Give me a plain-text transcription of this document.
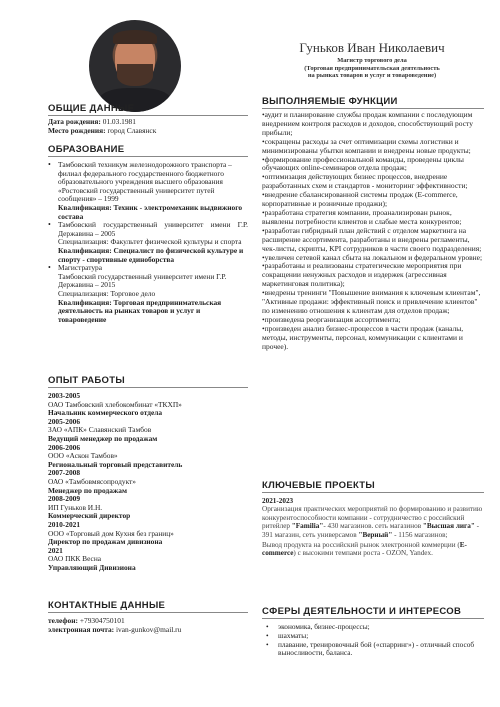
Гуньков Иван Николаевич
Магистр торгового дела
(Торговая предпринимательская деятельность
на рынках товаров и услуг и товароведение)
ОБЩИЕ ДАННЫЕ
Дата рождения: 01.03.1981
Место рождения: город Славянск
ОБРАЗОВАНИЕ
• Тамбовский техникум железнодорожного транспорта – филиал федерального государственного бюджетного образовательного учреждения высшего образования «Ростовский государственный университет путей сообщения» – 1999
Квалификация: Техник - электромеханик выдвижного состава
• Тамбовский государственный университет имени Г.Р. Державина – 2005
Специализация: Факультет физической культуры и спорта
Квалификация: Специалист по физической культуре и спорту - спортивные единоборства
• Магистратура
Тамбовский государственный университет имени Г.Р. Державина – 2015
Специализация: Торговое дело
Квалификация: Торговая предпринимательская деятельность на рынках товаров и услуг и товароведение
ОПЫТ РАБОТЫ
2003-2005
ОАО Тамбовский хлебокомбинат «ТКХП»
Начальник коммерческого отдела
2005-2006
ЗАО «АПК» Славянский Тамбов
Ведущий менеджер по продажам
2006-2006
ООО «Аскон Тамбов»
Региональный торговый представитель
2007-2008
ОАО «Тамбовмясопродукт»
Менеджер по продажам
2008-2009
ИП Гуньков И.Н.
Коммерческий директор
2010-2021
ООО «Торговый дом Кухня без границ»
Директор по продажам дивизиона
2021
ОАО ПКК Весна
Управляющий Дивизиона
КОНТАКТНЫЕ ДАННЫЕ
телефон: +79304750101
электронная почта: ivan-gunkov@mail.ru
ВЫПОЛНЯЕМЫЕ ФУНКЦИИ
•аудит и планирование службы продаж компании с последующим внедрением контроля расходов и доходов, способствующий росту прибыли;
•сокращены расходы за счет оптимизации схемы логистики и минимизированы убытки компании и внедрены новые продукты;
•формирование профессиональной команды, проведены циклы обучающих online-семинаров отдела продаж;
•оптимизация действующих бизнес процессов, внедрение разработанных схем и стандартов - мониторинг эффективности;
•внедрение сбалансированной системы продаж (E-commerce, корпоративные и розничные продажи);
•разработана стратегия компании, проанализирован рынок, выявлены потребности клиентов и слабые места конкурентов;
•разработан гибридный план действий с отделом маркетинга на расширение ассортимента, разработаны и внедрены регламенты, чек-листы, скрипты, KPI сотрудников в части своего подразделения;
•увеличен сетевой канал сбыта на локальном и федеральном уровне;
•разработаны и реализованы стратегические мероприятия при сокращении ненужных расходов и издержек (агрессивная маркетинговая политика);
•внедрены тренинги "Повышение внимания к ключевым клиентам", "Активные продажи: эффективный поиск и привлечение клиентов" по изменению отношения к клиентам для отделов продаж;
•произведена реорганизация ассортимента;
•произведен анализ бизнес-процессов в части продаж (каналы, методы, инструменты, персонал, коммуникации с клиентами и прочее).
КЛЮЧЕВЫЕ ПРОЕКТЫ
2021-2023
Организация практических мероприятий по формированию и развитию конкурентоспособности компании - сотрудничество с российский ритейлер "Familia"- 430 магазинов. сеть магазинов "Высшая лига" - 391 магазин, сеть универсамов "Верный" - 1156 магазинов;
Вывод продукта на российский рынок электронной коммерции (E-commerce) с высокими темпами роста - OZON, Yandex.
СФЕРЫ ДЕЯТЕЛЬНОСТИ И ИНТЕРЕСОВ
• экономика, бизнес-процессы;
• шахматы;
• плавание, тренировочный бой («спарринг») - отличный способ выносливости, баланса.
